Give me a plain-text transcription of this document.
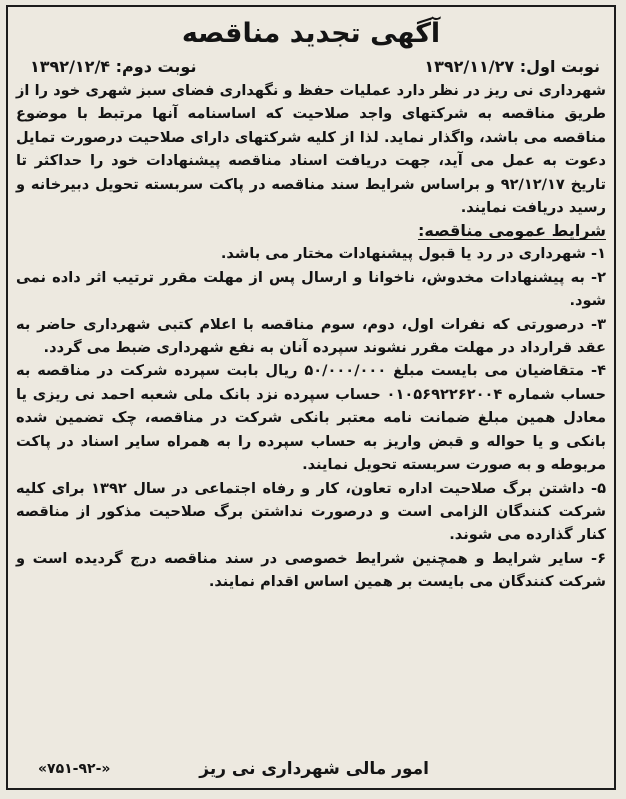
آگهی تجدید مناقصه
نوبت اول: ۱۳۹۲/۱۱/۲۷
نوبت دوم: ۱۳۹۲/۱۲/۴

شهرداری نی ریز در نظر دارد عملیات حفظ و نگهداری فضای سبز شهری خود را از طریق مناقصه به شرکتهای واجد صلاحیت که اساسنامه آنها مرتبط با موضوع مناقصه می باشد، واگذار نماید. لذا از کلیه شرکتهای دارای صلاحیت درصورت تمایل دعوت به عمل می آید، جهت دریافت اسناد مناقصه پیشنهادات خود را حداکثر تا تاریخ ۹۲/۱۲/۱۷ و براساس شرایط سند مناقصه در پاکت سربسته تحویل دبیرخانه و رسید دریافت نمایند.

شرایط عمومی مناقصه:

۱- شهرداری در رد یا قبول پیشنهادات مختار می باشد.

۲- به پیشنهادات مخدوش، ناخوانا و ارسال پس از مهلت مقرر ترتیب اثر داده نمی شود.

۳- درصورتی که نفرات اول، دوم، سوم مناقصه با اعلام کتبی شهرداری حاضر به عقد قرارداد در مهلت مقرر نشوند سپرده آنان به نفع شهرداری ضبط می گردد.

۴- متقاضیان می بایست مبلغ ۵۰/۰۰۰/۰۰۰ ریال بابت سپرده شرکت در مناقصه به حساب شماره ۰۱۰۵۶۹۲۲۶۲۰۰۴ حساب سپرده نزد بانک ملی شعبه احمد نی ریزی یا معادل همین مبلغ ضمانت نامه معتبر بانکی شرکت در مناقصه، چک تضمین شده بانکی و یا حواله و قبض واریز به حساب سپرده را به همراه سایر اسناد در پاکت مربوطه و به صورت سربسته تحویل نمایند.

۵- داشتن برگ صلاحیت اداره تعاون، کار و رفاه اجتماعی در سال ۱۳۹۲ برای کلیه شرکت کنندگان الزامی است و درصورت نداشتن برگ صلاحیت مذکور از مناقصه کنار گذارده می شوند.

۶- سایر شرایط و همچنین شرایط خصوصی در سند مناقصه درج گردیده است و شرکت کنندگان می بایست بر همین اساس اقدام نمایند.

امور مالی شهرداری نی ریز
«۷۵۱-۹۲-»
